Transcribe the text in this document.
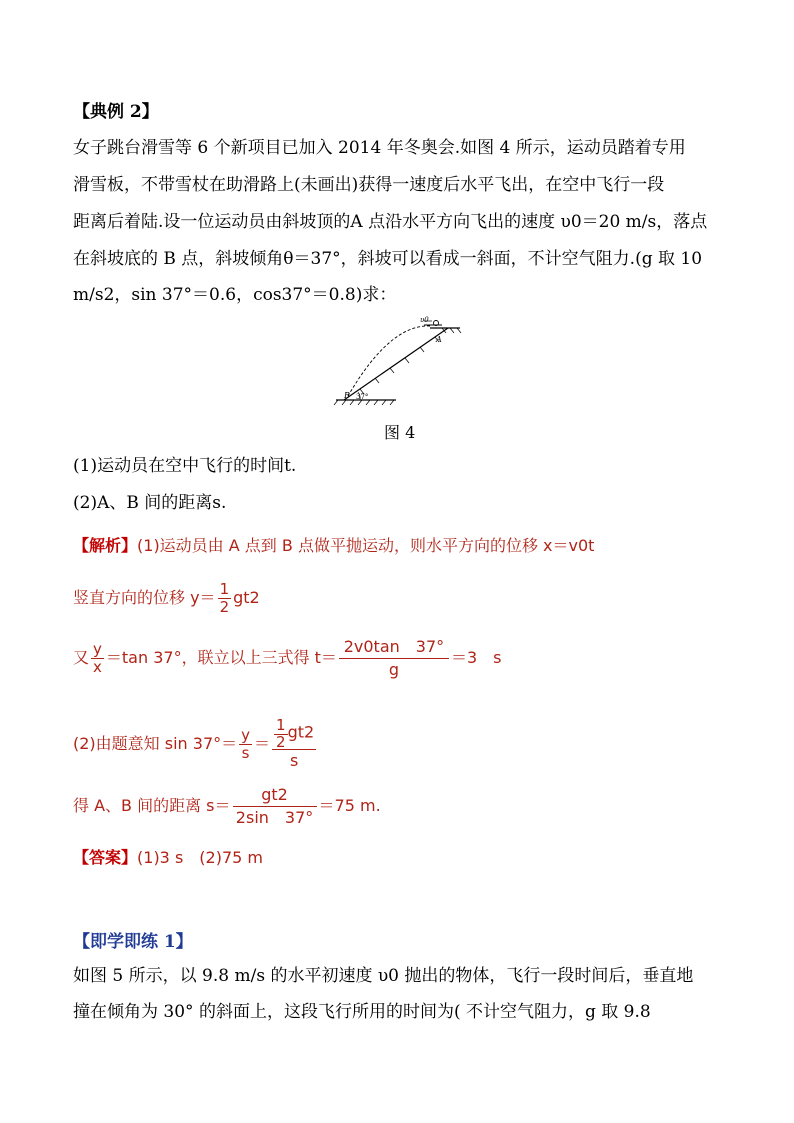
【典例 2】
女子跳台滑雪等 6 个新项目已加入 2014 年冬奥会.如图 4 所示，运动员踏着专用
滑雪板，不带雪杖在助滑路上(未画出)获得一速度后水平飞出，在空中飞行一段
距离后着陆.设一位运动员由斜坡顶的A 点沿水平方向飞出的速度 υ0＝20 m/s，落点
在斜坡底的 B 点，斜坡倾角θ＝37°，斜坡可以看成一斜面，不计空气阻力.(g 取 10
m/s2，sin 37°＝0.6，cos37°＝0.8)求：
υ0
A
B 37°
图 4
(1)运动员在空中飞行的时间t.
(2)A、B 间的距离s.
【解析】(1)运动员由 A 点到 B 点做平抛运动，则水平方向的位移 x＝v0t
竖直方向的位移 $y= \frac{1}{2} gt2$
又 $\frac{y}{x} =\tan$ 37°，联立以上三式得 $t= \frac{2v0\tan 37^\circ}{g} =3$　s
(2)由题意知 $\sin 37^\circ= \frac{y}{s} = \frac{\frac{1}{2} gt2}{s}$
得 A、B 间的距离 $s= \frac{gt2}{2\sin 37^\circ} =75$ m.
【答案】(1)3 s　(2)75 m
【即学即练 1】
如图 5 所示，以 9.8 m/s 的水平初速度 υ0 抛出的物体，飞行一段时间后，垂直地
撞在倾角为 30° 的斜面上，这段飞行所用的时间为( 不计空气阻力，g 取 9.8
